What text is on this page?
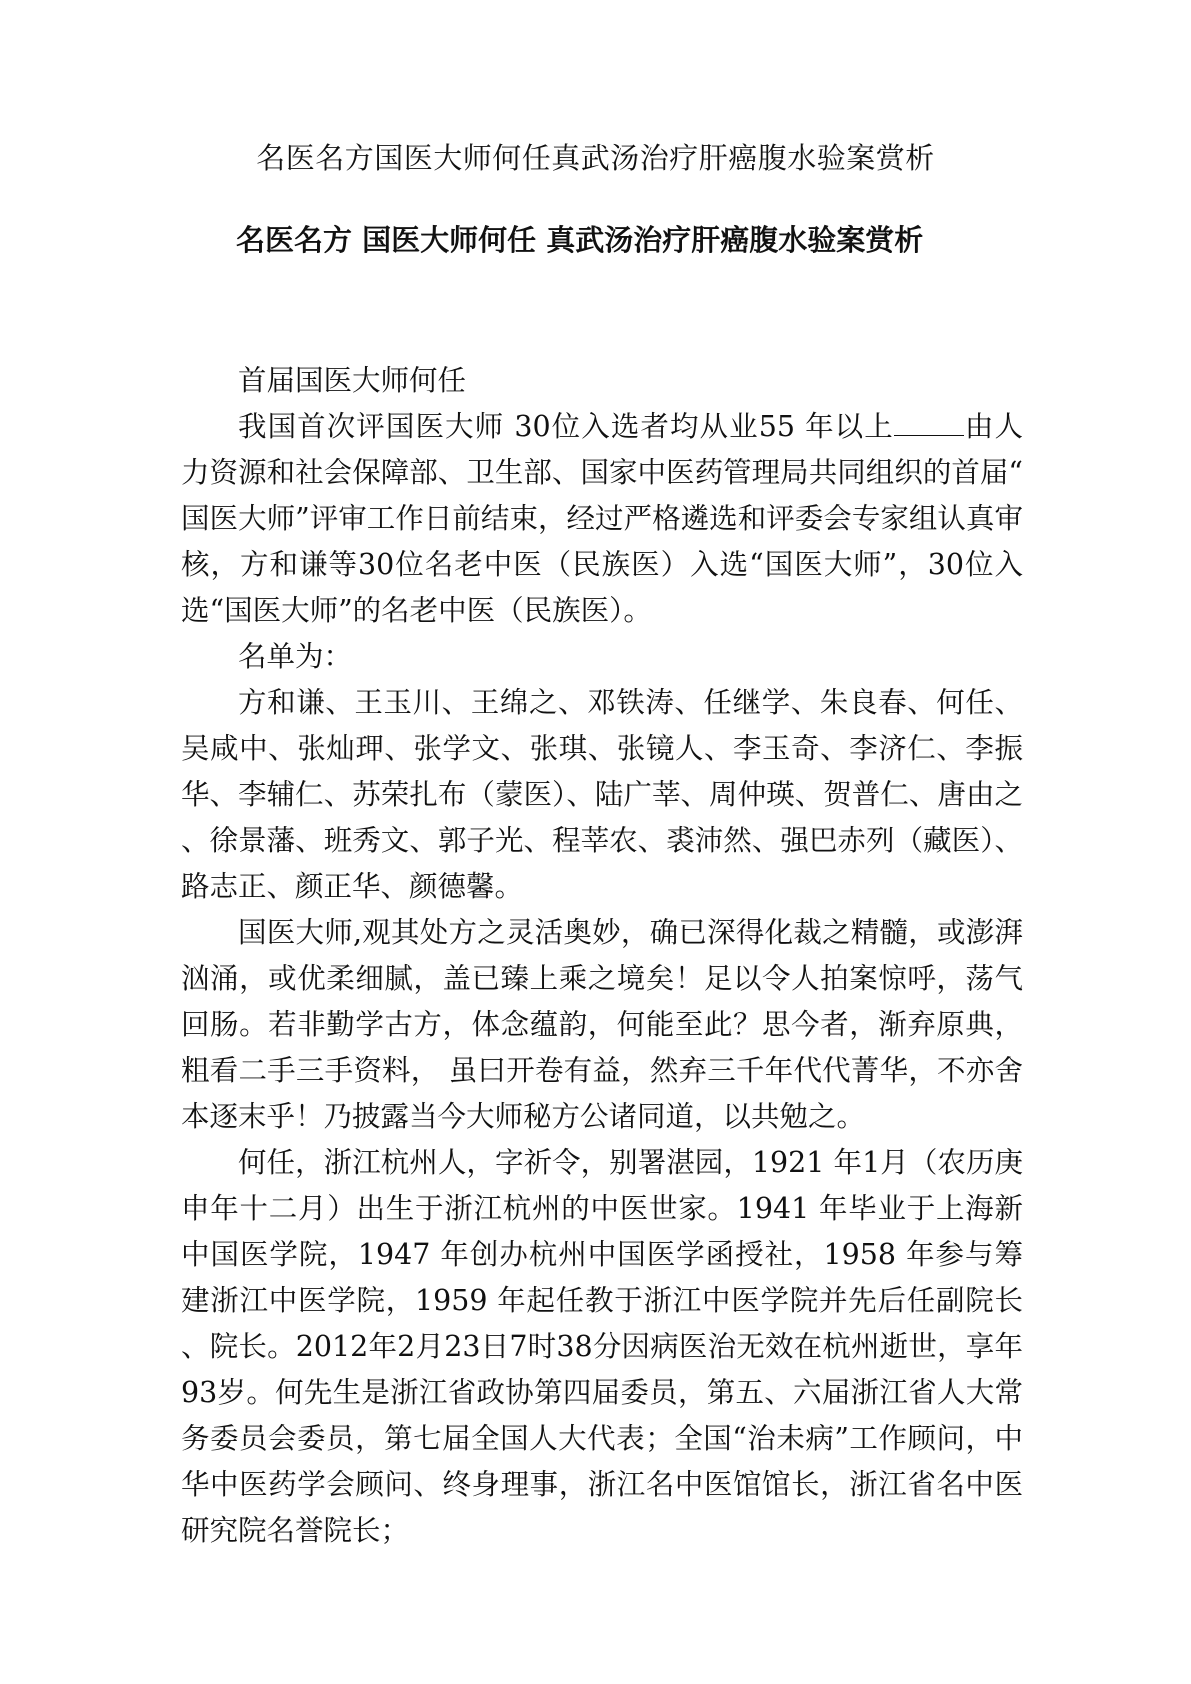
名医名方国医大师何任真武汤治疗肝癌腹水验案赏析
名医名方 国医大师何任 真武汤治疗肝癌腹水验案赏析

首届国医大师何任

我国首次评国医大师 30位入选者均从业55 年以上 由人力资源和社会保障部、卫生部、国家中医药管理局共同组织的首届“国医大师”评审工作日前结束，经过严格遴选和评委会专家组认真审核，方和谦等30位名老中医（民族医）入选“国医大师”，30位入选“国医大师”的名老中医（民族医）。

名单为：

方和谦、王玉川、王绵之、邓铁涛、任继学、朱良春、何任、吴咸中、张灿玾、张学文、张琪、张镜人、李玉奇、李济仁、李振华、李辅仁、苏荣扎布（蒙医）、陆广莘、周仲瑛、贺普仁、唐由之、徐景藩、班秀文、郭子光、程莘农、裘沛然、强巴赤列（藏医）、路志正、颜正华、颜德馨。

国医大师,观其处方之灵活奥妙，确已深得化裁之精髓，或澎湃汹涌，或优柔细腻，盖已臻上乘之境矣！足以令人拍案惊呼，荡气回肠。若非勤学古方，体念蕴韵，何能至此？思今者，渐弃原典，粗看二手三手资料， 虽曰开卷有益，然弃三千年代代菁华，不亦舍本逐末乎！乃披露当今大师秘方公诸同道，以共勉之。

何任，浙江杭州人，字祈令，别署湛园，1921 年1月（农历庚申年十二月）出生于浙江杭州的中医世家。1941 年毕业于上海新中国医学院，1947 年创办杭州中国医学函授社，1958 年参与筹建浙江中医学院，1959 年起任教于浙江中医学院并先后任副院长、院长。2012年2月23日7时38分因病医治无效在杭州逝世，享年93岁。何先生是浙江省政协第四届委员，第五、六届浙江省人大常务委员会委员，第七届全国人大代表；全国“治未病”工作顾问，中华中医药学会顾问、终身理事，浙江名中医馆馆长，浙江省名中医研究院名誉院长；
